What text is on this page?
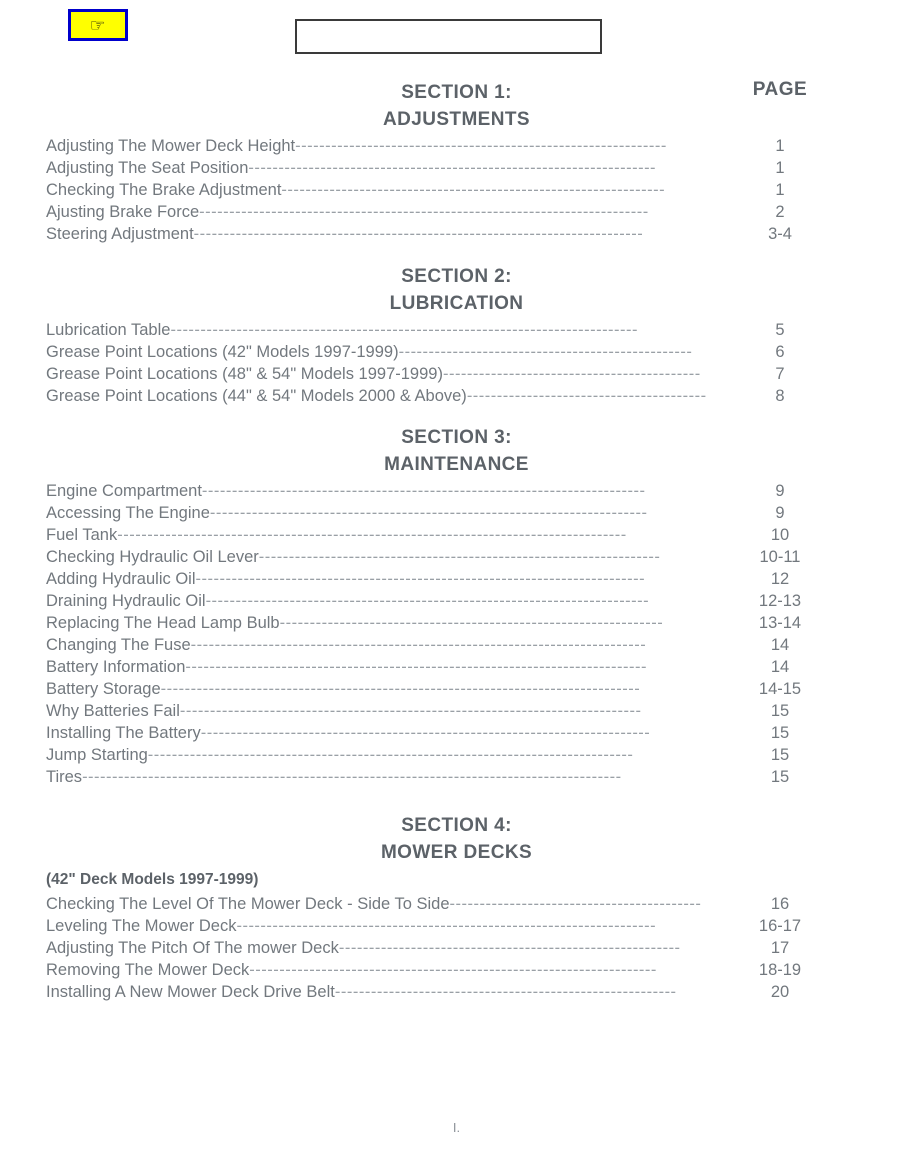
☞
PAGE
SECTION 1:
ADJUSTMENTS
Adjusting The Mower Deck Height --------------------------------------------------------------	1
Adjusting The Seat Position --------------------------------------------------------------------	1
Checking The Brake Adjustment ----------------------------------------------------------------	1
Ajusting Brake Force ---------------------------------------------------------------------------	2
Steering Adjustment ---------------------------------------------------------------------------	3-4
SECTION 2:
LUBRICATION
Lubrication Table ------------------------------------------------------------------------------	5
Grease Point Locations (42" Models 1997-1999) -------------------------------------------------	6
Grease Point Locations (48" & 54" Models 1997-1999) -------------------------------------------	7
Grease Point Locations (44" & 54" Models 2000 & Above) ----------------------------------------	8
SECTION 3:
MAINTENANCE
Engine Compartment --------------------------------------------------------------------------	9
Accessing The Engine -------------------------------------------------------------------------	9
Fuel Tank -------------------------------------------------------------------------------------	10
Checking Hydraulic Oil Lever -------------------------------------------------------------------	10-11
Adding Hydraulic Oil ---------------------------------------------------------------------------	12
Draining Hydraulic Oil --------------------------------------------------------------------------	12-13
Replacing The Head Lamp Bulb ----------------------------------------------------------------	13-14
Changing The Fuse ----------------------------------------------------------------------------	14
Battery Information -----------------------------------------------------------------------------	14
Battery Storage --------------------------------------------------------------------------------	14-15
Why Batteries Fail -----------------------------------------------------------------------------	15
Installing The Battery ---------------------------------------------------------------------------	15
Jump Starting ---------------------------------------------------------------------------------	15
Tires ------------------------------------------------------------------------------------------	15
SECTION 4:
MOWER DECKS
(42" Deck Models 1997-1999)
Checking The Level Of The Mower Deck - Side To Side ------------------------------------------	16
Leveling The Mower Deck ----------------------------------------------------------------------	16-17
Adjusting The Pitch Of The mower Deck ---------------------------------------------------------	17
Removing The Mower Deck --------------------------------------------------------------------	18-19
Installing A New Mower Deck Drive Belt ---------------------------------------------------------	20
I.
